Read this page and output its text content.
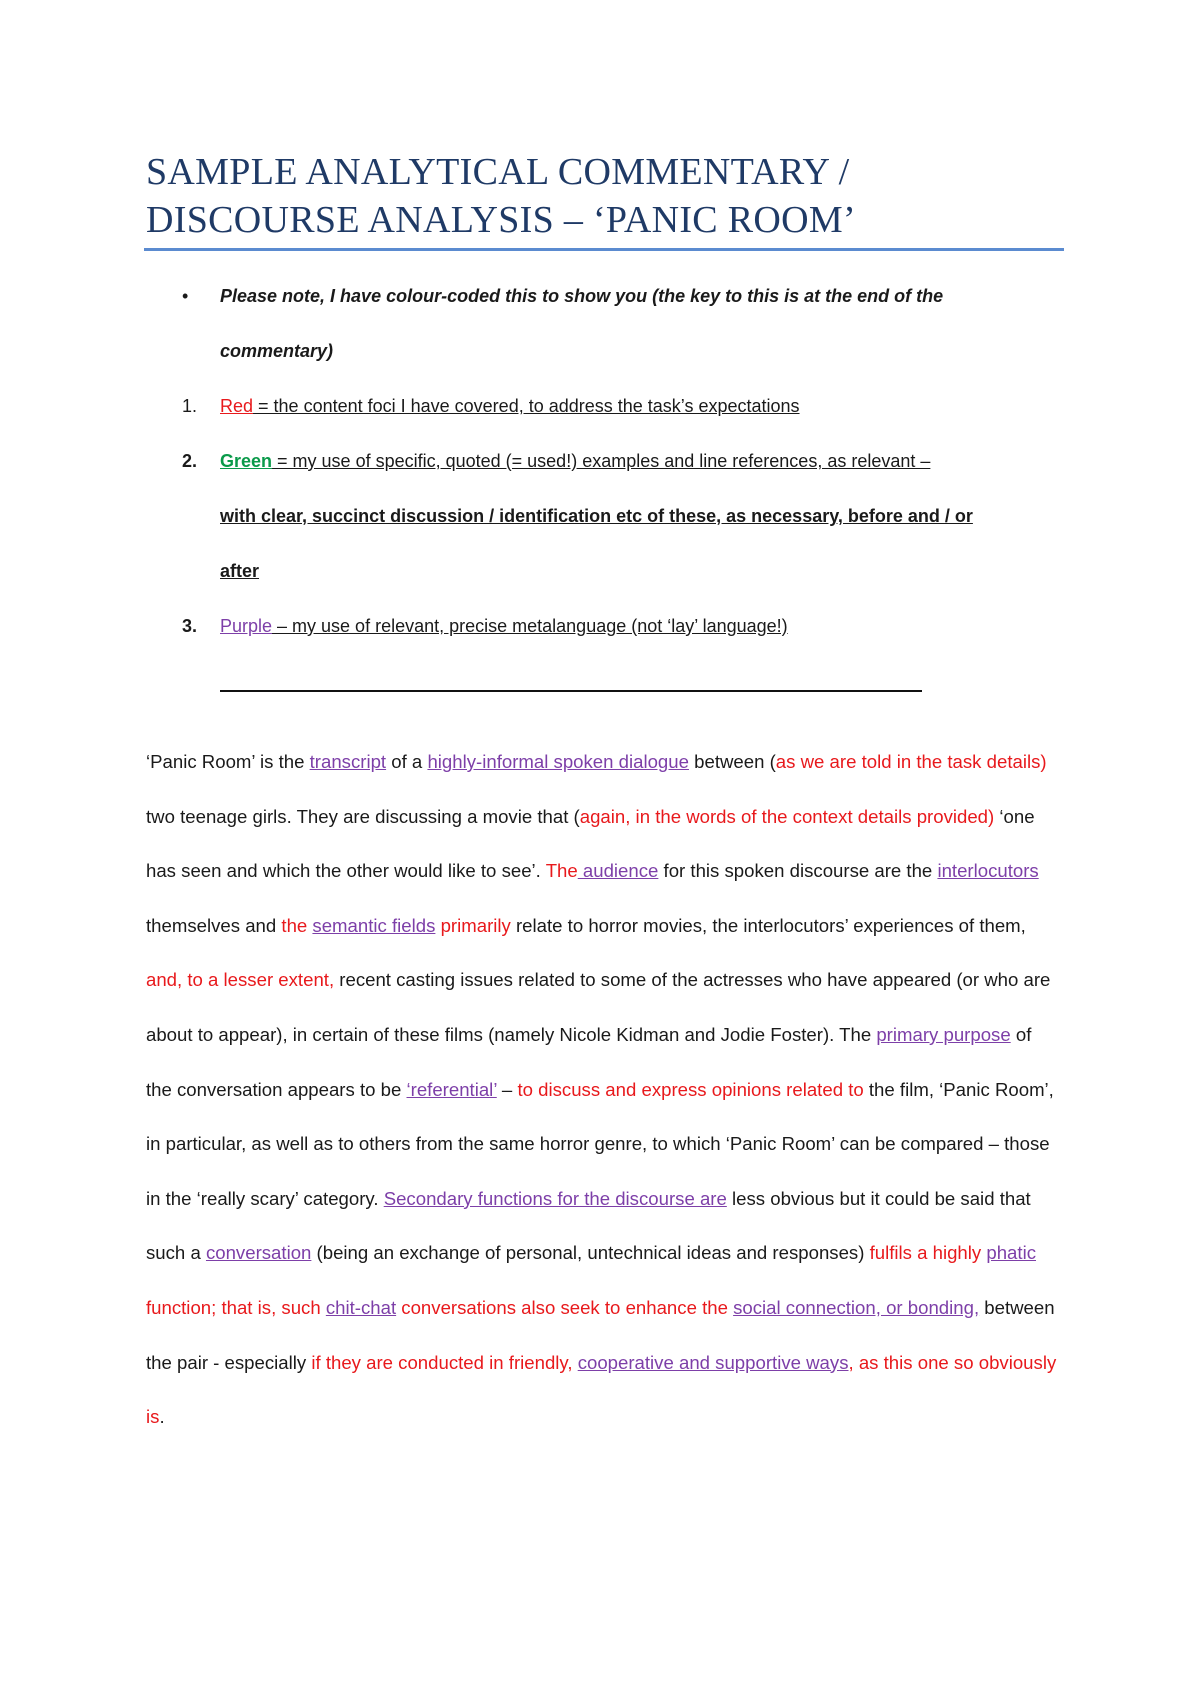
SAMPLE ANALYTICAL COMMENTARY / DISCOURSE ANALYSIS – ‘PANIC ROOM’
• Please note, I have colour-coded this to show you (the key to this is at the end of the
commentary)
1. Red = the content foci I have covered, to address the task’s expectations
2. Green = my use of specific, quoted (= used!) examples and line references, as relevant –
with clear, succinct discussion / identification etc of these, as necessary, before and / or
after
3. Purple – my use of relevant, precise metalanguage (not ‘lay’ language!)

‘Panic Room’ is the transcript of a highly-informal spoken dialogue between (as we are told in the task details) two teenage girls. They are discussing a movie that (again, in the words of the context details provided) ‘one has seen and which the other would like to see’. The audience for this spoken discourse are the interlocutors themselves and the semantic fields primarily relate to horror movies, the interlocutors’ experiences of them, and, to a lesser extent, recent casting issues related to some of the actresses who have appeared (or who are about to appear), in certain of these films (namely Nicole Kidman and Jodie Foster). The primary purpose of the conversation appears to be ‘referential’ – to discuss and express opinions related to the film, ‘Panic Room’, in particular, as well as to others from the same horror genre, to which ‘Panic Room’ can be compared – those in the ‘really scary’ category. Secondary functions for the discourse are less obvious but it could be said that such a conversation (being an exchange of personal, untechnical ideas and responses) fulfils a highly phatic function; that is, such chit-chat conversations also seek to enhance the social connection, or bonding, between the pair - especially if they are conducted in friendly, cooperative and supportive ways, as this one so obviously is.
